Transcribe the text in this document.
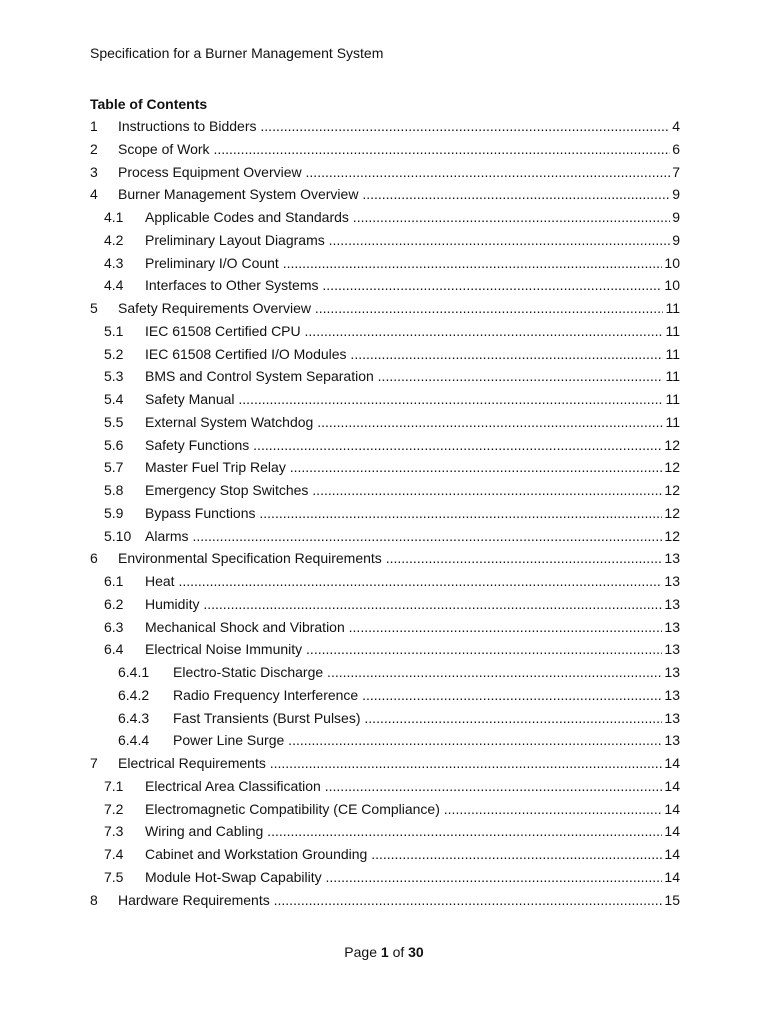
Specification for a Burner Management System
Table of Contents
1 Instructions to Bidders .....	4
2 Scope of Work .....	6
3 Process Equipment Overview .....	7
4 Burner Management System Overview .....	9
4.1 Applicable Codes and Standards .....	9
4.2 Preliminary Layout Diagrams .....	9
4.3 Preliminary I/O Count .....	10
4.4 Interfaces to Other Systems .....	10
5 Safety Requirements Overview .....	11
5.1 IEC 61508 Certified CPU .....	11
5.2 IEC 61508 Certified I/O Modules .....	11
5.3 BMS and Control System Separation .....	11
5.4 Safety Manual .....	11
5.5 External System Watchdog .....	11
5.6 Safety Functions .....	12
5.7 Master Fuel Trip Relay .....	12
5.8 Emergency Stop Switches .....	12
5.9 Bypass Functions .....	12
5.10 Alarms .....	12
6 Environmental Specification Requirements .....	13
6.1 Heat .....	13
6.2 Humidity .....	13
6.3 Mechanical Shock and Vibration .....	13
6.4 Electrical Noise Immunity .....	13
6.4.1 Electro-Static Discharge .....	13
6.4.2 Radio Frequency Interference .....	13
6.4.3 Fast Transients (Burst Pulses) .....	13
6.4.4 Power Line Surge .....	13
7 Electrical Requirements .....	14
7.1 Electrical Area Classification .....	14
7.2 Electromagnetic Compatibility (CE Compliance) .....	14
7.3 Wiring and Cabling .....	14
7.4 Cabinet and Workstation Grounding .....	14
7.5 Module Hot-Swap Capability .....	14
8 Hardware Requirements .....	15
Page 1 of 30
